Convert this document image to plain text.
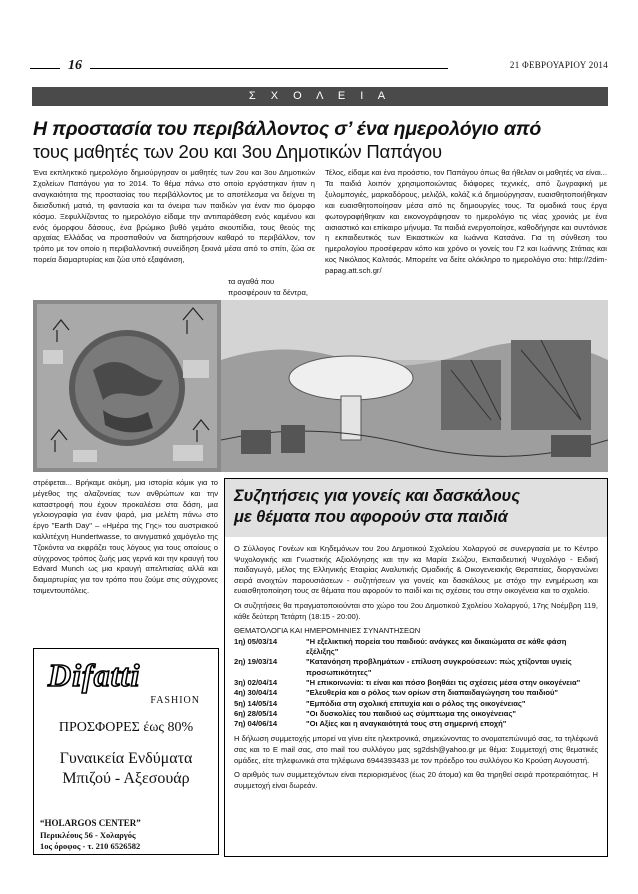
16	21 ΦΕΒΡΟΥΑΡΙΟΥ 2014
Σ Χ Ο Λ Ε Ι Α
Η προστασία του περιβάλλοντος σ’ ένα ημερολόγιο από
τους μαθητές των 2ου και 3ου Δημοτικών Παπάγου
Ένα εκπληκτικό ημερολόγιο δημιούργησαν οι μαθητές των 2ου και 3ου Δημοτικών Σχολείων Παπάγου για το 2014. Το θέμα πάνω στο οποίο εργάστηκαν ήταν η αναγκαιότητα της προστασίας του περιβάλλοντος με το αποτέλεσμα να δείχνει τη διεισδυτική ματιά, τη φαντασία και τα όνειρα των παιδιών για έναν πιο όμορφο κόσμο. Ξεφυλλίζοντας το ημερολόγιο είδαμε την αντιπαράθεση ενός καμένου και ενός όμορφου δάσους, ένα βρώμικο βυθό γεμάτο σκουπίδια, τους θεούς της αρχαίας Ελλάδας να προσπαθούν να διατηρήσουν καθαρό το περιβάλλον, τον τρόπο με τον οποίο η περιβαλλοντική συνείδηση ξεκινά μέσα από το σπίτι, ζώα σε πορεία διαμαρτυρίας και ζώα υπό εξαφάνιση,
τα αγαθά που προσφέρουν τα δέντρα,
Τέλος, είδαμε και ένα προάστιο, τον Παπάγου όπως θα ήθελαν οι μαθητές να είναι... Τα παιδιά λοιπόν χρησιμοποιώντας διάφορες τεχνικές, από ζωγραφική με ξυλομπογιές, μαρκαδόρους, μελιζόλ, κολάζ κ.ά δημιούργησαν, ευαισθητοποιήθηκαν και ευαισθητοποίησαν μέσα από τις δημιουργίες τους. Τα ομαδικά τους έργα φωτογραφήθηκαν και εικονογράφησαν το ημερολόγιο τις νέας χρονιάς με ένα αισιαστικό και επίκαιρο μήνυμα. Τα παιδιά ενεργοποίησε, καθοδήγησε και συντόνισε η εκπαιδευτικός των Εικαστικών κα Ιωάννα Κατσάνα. Για τη σύνθεση του ημερολογίου προσέφεραν κόπο και χρόνο οι γονείς του Γ2 και Ιωάννης Στάτιας και κος Νικόλαος Καλτσάς. Μπορείτε να δείτε ολόκληρο το ημερολόγιο στο: http://2dim-papag.att.sch.gr/
στρέφεται... Βρήκαμε ακόμη, μια ιστορία κόμικ για το μέγεθος της αλαζονείας των ανθρώπων και την καταστροφή που έχουν προκαλέσει στα δάση, μια γελοιογραφία για έναν ψαρά, μια μελέτη πάνω στο έργο "Earth Day" – «Ημέρα της Γης» του αυστριακού καλλιτέχνη Hundertwasse, το αινιγματικό χαμόγελο της Τζοκόντα να εκφράζει τους λόγους για τους οποίους ο σύγχρονος τρόπος ζωής μας γερνά και την κραυγή του Edvard Munch ως μια κραυγή απελπισίας αλλά και διαμαρτυρίας για τον τρόπο που ζούμε στις σύγχρονες τσιμεντουπόλεις.
Difatti
FASHION
ΠΡΟΣΦΟΡΕΣ έως 80%
Γυναικεία Ενδύματα
Μπιζού - Αξεσουάρ
“HOLARGOS CENTER”
Περικλέους 56 - Χολαργός
1ος όροφος - τ. 210 6526582
Συζητήσεις για γονείς και δασκάλους
με θέματα που αφορούν στα παιδιά

Ο Σύλλογος Γονέων και Κηδεμόνων του 2ου Δημοτικού Σχολείου Χολαργού σε συνεργασία με το Κέντρο Ψυχολογικής και Γνωστικής Αξιολόγησης και την κα Μαρία Σιώζου, Εκπαιδευτική Ψυχολόγο - Ειδική παιδαγωγό, μέλος της Ελληνικής Εταιρίας Αναλυτικής Ομαδικής & Οικογενειακής Θεραπείας, διοργανώνει σειρά ανοιχτών παρουσιάσεων - συζητήσεων για γονείς και δασκάλους με στόχο την ενημέρωση και ευαισθητοποίηση τους σε θέματα που αφορούν το παιδί και τις σχέσεις του στην οικογένεια και το σχολείο.

Οι συζητήσεις θα πραγματοποιούνται στο χώρο του 2ου Δημοτικού Σχολείου Χολαργού, 17ης Νοέμβρη 119, κάθε δεύτερη Τετάρτη (18:15 - 20:00).

ΘΕΜΑΤΟΛΟΓΙΑ ΚΑΙ ΗΜΕΡΟΜΗΝΙΕΣ ΣΥΝΑΝΤΗΣΕΩΝ
1η) 05/03/14	"Η εξελικτική πορεία του παιδιού: ανάγκες και δικαιώματα σε κάθε φάση εξέλιξης"
2η) 19/03/14	"Κατανόηση προβλημάτων - επίλυση συγκρούσεων: πώς χτίζονται υγιείς προσωπικότητες"
3η) 02/04/14	"Η επικοινωνία: τι είναι και πόσο βοηθάει τις σχέσεις μέσα στην οικογένεια"
4η) 30/04/14	"Ελευθερία και ο ρόλος των ορίων στη διαπαιδαγώγηση του παιδιού"
5η) 14/05/14	"Εμπόδια στη σχολική επιτυχία και ο ρόλος της οικογένειας"
6η) 28/05/14	"Οι δυσκολίες του παιδιού ως σύμπτωμα της οικογένειας"
7η) 04/06/14	"Οι Αξίες και η αναγκαιότητά τους στη σημερινή εποχή"

Η δήλωση συμμετοχής μπορεί να γίνει είτε ηλεκτρονικά, σημειώνοντας το ονοματεπώνυμό σας, τα τηλέφωνά σας και το E mail σας, στο mail του συλλόγου μας sg2dsh@yahoo.gr με θέμα: Συμμετοχή στις θεματικές ομάδες, είτε τηλεφωνικά στα τηλέφωνα 6944393433 με τον πρόεδρο του συλλόγου Κο Κρούση Αυγουστή.

Ο αριθμός των συμμετεχόντων είναι περιορισμένος (έως 20 άτομα) και θα τηρηθεί σειρά προτεραιότητας. Η συμμετοχή είναι δωρεάν.
